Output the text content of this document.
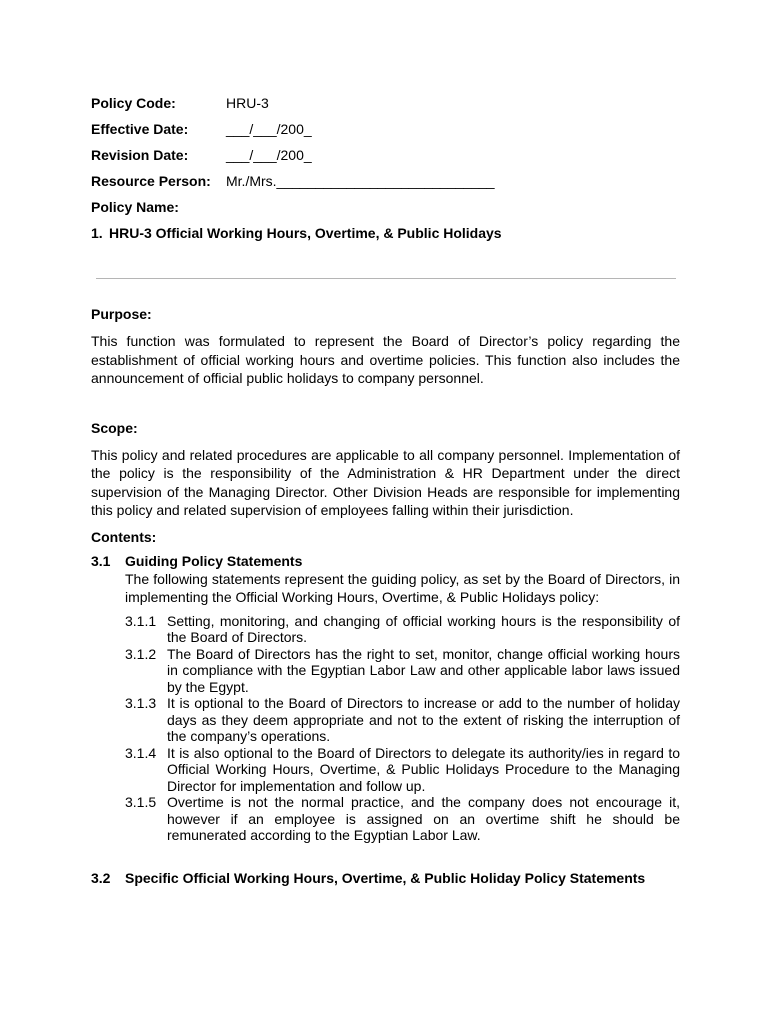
Policy Code:	HRU-3
Effective Date:	___/___/200_
Revision Date:	___/___/200_
Resource Person:	Mr./Mrs.____________________________
Policy Name:
1. HRU-3 Official Working Hours, Overtime, & Public Holidays
Purpose:
This function was formulated to represent the Board of Director’s policy regarding the establishment of official working hours and overtime policies. This function also includes the announcement of official public holidays to company personnel.
Scope:
This policy and related procedures are applicable to all company personnel. Implementation of the policy is the responsibility of the Administration & HR Department under the direct supervision of the Managing Director. Other Division Heads are responsible for implementing this policy and related supervision of employees falling within their jurisdiction.
Contents:
3.1	Guiding Policy Statements
The following statements represent the guiding policy, as set by the Board of Directors, in implementing the Official Working Hours, Overtime, & Public Holidays policy:
3.1.1 Setting, monitoring, and changing of official working hours is the responsibility of the Board of Directors.
3.1.2 The Board of Directors has the right to set, monitor, change official working hours in compliance with the Egyptian Labor Law and other applicable labor laws issued by the Egypt.
3.1.3 It is optional to the Board of Directors to increase or add to the number of holiday days as they deem appropriate and not to the extent of risking the interruption of the company’s operations.
3.1.4 It is also optional to the Board of Directors to delegate its authority/ies in regard to Official Working Hours, Overtime, & Public Holidays Procedure to the Managing Director for implementation and follow up.
3.1.5 Overtime is not the normal practice, and the company does not encourage it, however if an employee is assigned on an overtime shift he should be remunerated according to the Egyptian Labor Law.
3.2	Specific Official Working Hours, Overtime, & Public Holiday Policy Statements
